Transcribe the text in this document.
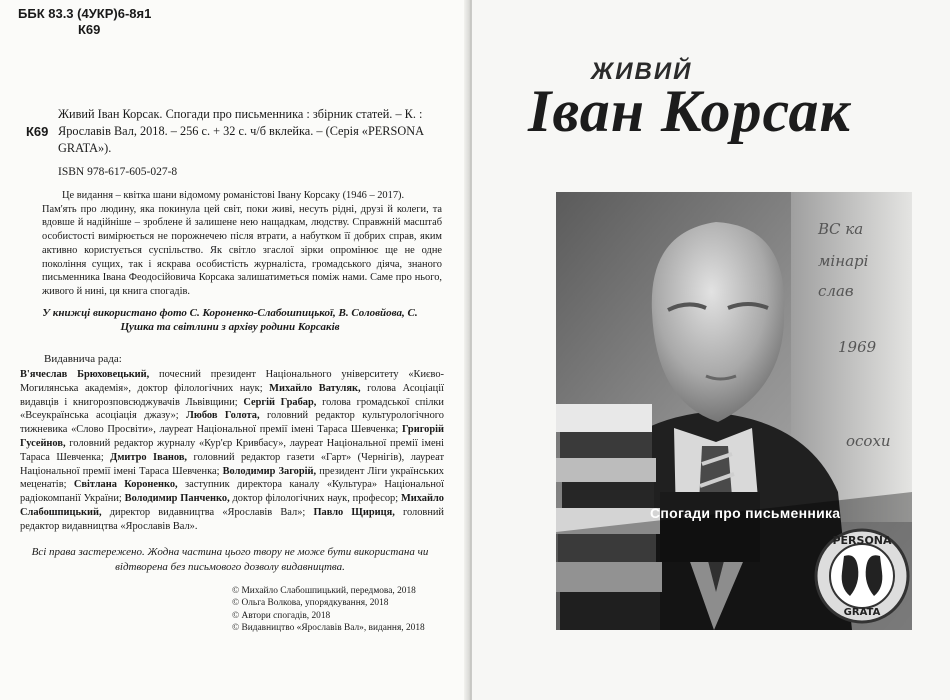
ББК 83.3 (4УКР)6-8я1
К69
К69
Живий Іван Корсак. Спогади про письменника : збірник статей. – К. :
Ярославів Вал, 2018. – 256 с. + 32 с. ч/б вклейка. – (Серія «PERSONA
GRATA»).
ISBN 978-617-605-027-8

Це видання – квітка шани відомому романістові Івану Корсаку (1946 – 2017).

Пам'ять про людину, яка покинула цей світ, поки живі, несуть рідні, друзі й колеги, та вдовше й надійніше – зроблене й залишене нею нащадкам, людству. Справжній масштаб особистості вимірюється не порожнечею після втрати, а набутком її добрих справ, яким активно користується суспільство. Як світло згаслої зірки опромінює ще не одне покоління сущих, так і яскрава особистість журналіста, громадського діяча, знаного письменника Івана Феодосійовича Корсака залишатиметься поміж нами. Саме про нього, живого й нині, ця книга спогадів.

У книжці використано фото С. Короненко-Слабошпицької, В. Соловйова, С. Цушка та світлини з архіву родини Корсаків
Видавнича рада:
В'ячеслав Брюховецький, почесний президент Національного університету «Києво-Могилянська академія», доктор філологічних наук; Михайло Ватуляк, голова Асоціації видавців і книгорозповсюджувачів Львівщини; Сергій Грабар, голова громадської спілки «Всеукраїнська асоціація джазу»; Любов Голота, головний редактор культурологічного тижневика «Слово Просвіти», лауреат Національної премії імені Тараса Шевченка; Григорій Гусейнов, головний редактор журналу «Кур'єр Кривбасу», лауреат Національної премії імені Тараса Шевченка; Дмитро Іванов, головний редактор газети «Гарт» (Чернігів), лауреат Національної премії імені Тараса Шевченка; Володимир Загорій, президент Ліги українських меценатів; Світлана Короненко, заступник директора каналу «Культура» Національної радіокомпанії України; Володимир Панченко, доктор філологічних наук, професор; Михайло Слабошпицький, директор видавництва «Ярославів Вал»; Павло Щириця, головний редактор видавництва «Ярославів Вал».
Всі права застережено. Жодна частина цього твору не може бути використана чи відтворена без письмового дозволу видавництва.
© Михайло Слабошпицький, передмова, 2018
© Ольга Волкова, упорядкування, 2018
© Автори спогадів, 2018
© Видавництво «Ярославів Вал», видання, 2018
ЖИВИЙ
Іван Корсак
ВС ка
мінарі
слав
1969
осохи
PERSONA
GRATA
Спогади про письменника
